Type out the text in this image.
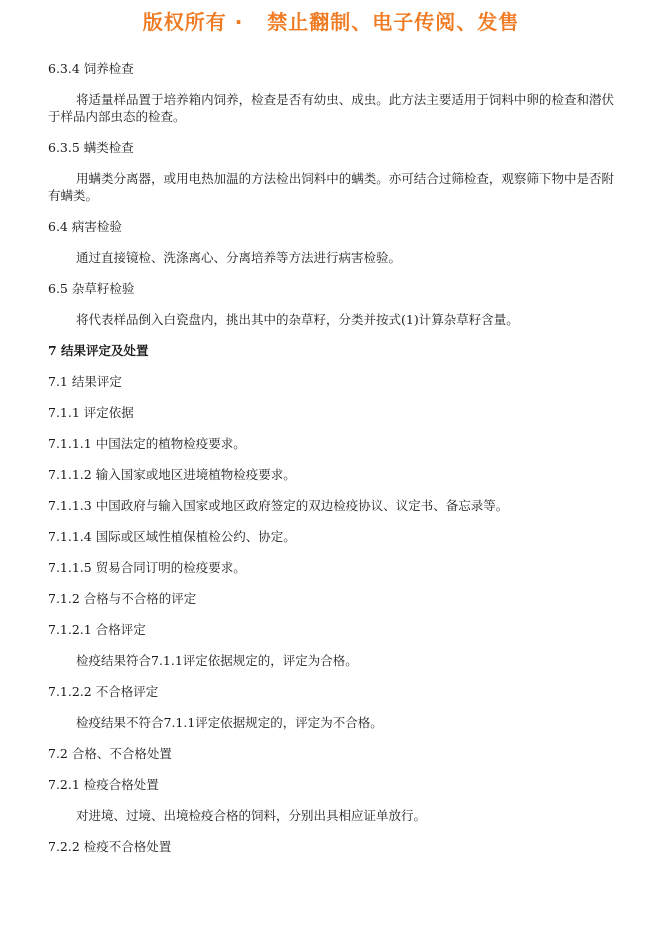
版权所有 ·   禁止翻制、电子传阅、发售

6.3.4 饲养检查

将适量样品置于培养箱内饲养，检查是否有幼虫、成虫。此方法主要适用于饲料中卵的检查和潜伏于样品内部虫态的检查。

6.3.5 螨类检查

用螨类分离器，或用电热加温的方法检出饲料中的螨类。亦可结合过筛检查，观察筛下物中是否附有螨类。

6.4 病害检验

通过直接镜检、洗涤离心、分离培养等方法进行病害检验。

6.5 杂草籽检验

将代表样品倒入白瓷盘内，挑出其中的杂草籽，分类并按式(1)计算杂草籽含量。

7 结果评定及处置

7.1 结果评定

7.1.1 评定依据

7.1.1.1 中国法定的植物检疫要求。

7.1.1.2 输入国家或地区进境植物检疫要求。

7.1.1.3 中国政府与输入国家或地区政府签定的双边检疫协议、议定书、备忘录等。

7.1.1.4 国际或区域性植保植检公约、协定。

7.1.1.5 贸易合同订明的检疫要求。

7.1.2 合格与不合格的评定

7.1.2.1 合格评定

检疫结果符合7.1.1评定依据规定的，评定为合格。

7.1.2.2 不合格评定

检疫结果不符合7.1.1评定依据规定的，评定为不合格。

7.2 合格、不合格处置

7.2.1 检疫合格处置

对进境、过境、出境检疫合格的饲料，分别出具相应证单放行。

7.2.2 检疫不合格处置
